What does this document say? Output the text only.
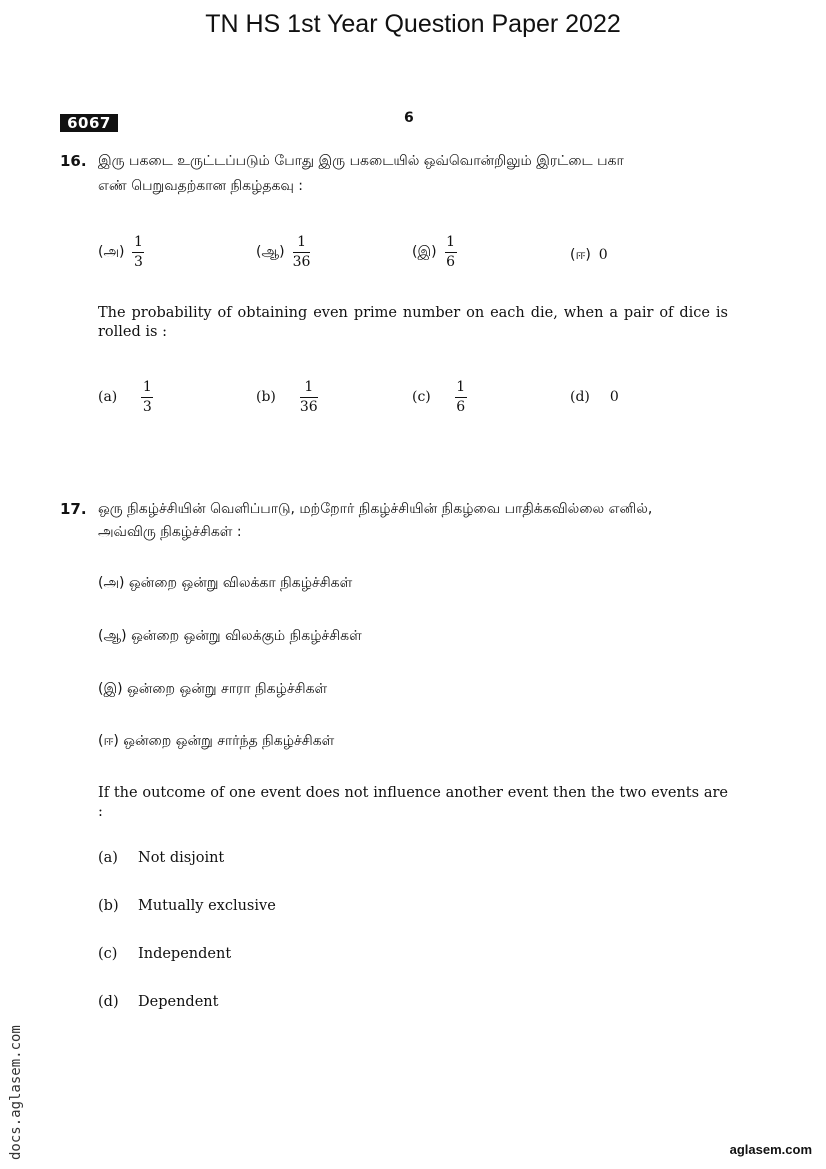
TN HS 1st Year Question Paper 2022
6067	6
16. இரு பகடை உருட்டப்படும் போது இரு பகடையில் ஒவ்வொன்றிலும் இரட்டை பகா
எண் பெறுவதற்கான நிகழ்தகவு :
(அ) $\frac{1}{3}$	(ஆ) $\frac{1}{36}$	(இ) $\frac{1}{6}$	(ஈ) 0
The probability of obtaining even prime number on each die, when a pair of dice is rolled is :
$(a) \frac{1}{3}$	$(b) \frac{1}{36}$	$(c) \frac{1}{6}$	(d) 0
17. ஒரு நிகழ்ச்சியின் வெளிப்பாடு, மற்றோர் நிகழ்ச்சியின் நிகழ்வை பாதிக்கவில்லை எனில்,
அவ்விரு நிகழ்ச்சிகள் :
(அ) ஒன்றை ஒன்று விலக்கா நிகழ்ச்சிகள்
(ஆ) ஒன்றை ஒன்று விலக்கும் நிகழ்ச்சிகள்
(இ) ஒன்றை ஒன்று சாரா நிகழ்ச்சிகள்
(ஈ) ஒன்றை ஒன்று சார்ந்த நிகழ்ச்சிகள்
If the outcome of one event does not influence another event then the two events are :
(a)	Not disjoint
(b)	Mutually exclusive
(c)	Independent
(d)	Dependent
docs.aglasem.com	aglasem.com
